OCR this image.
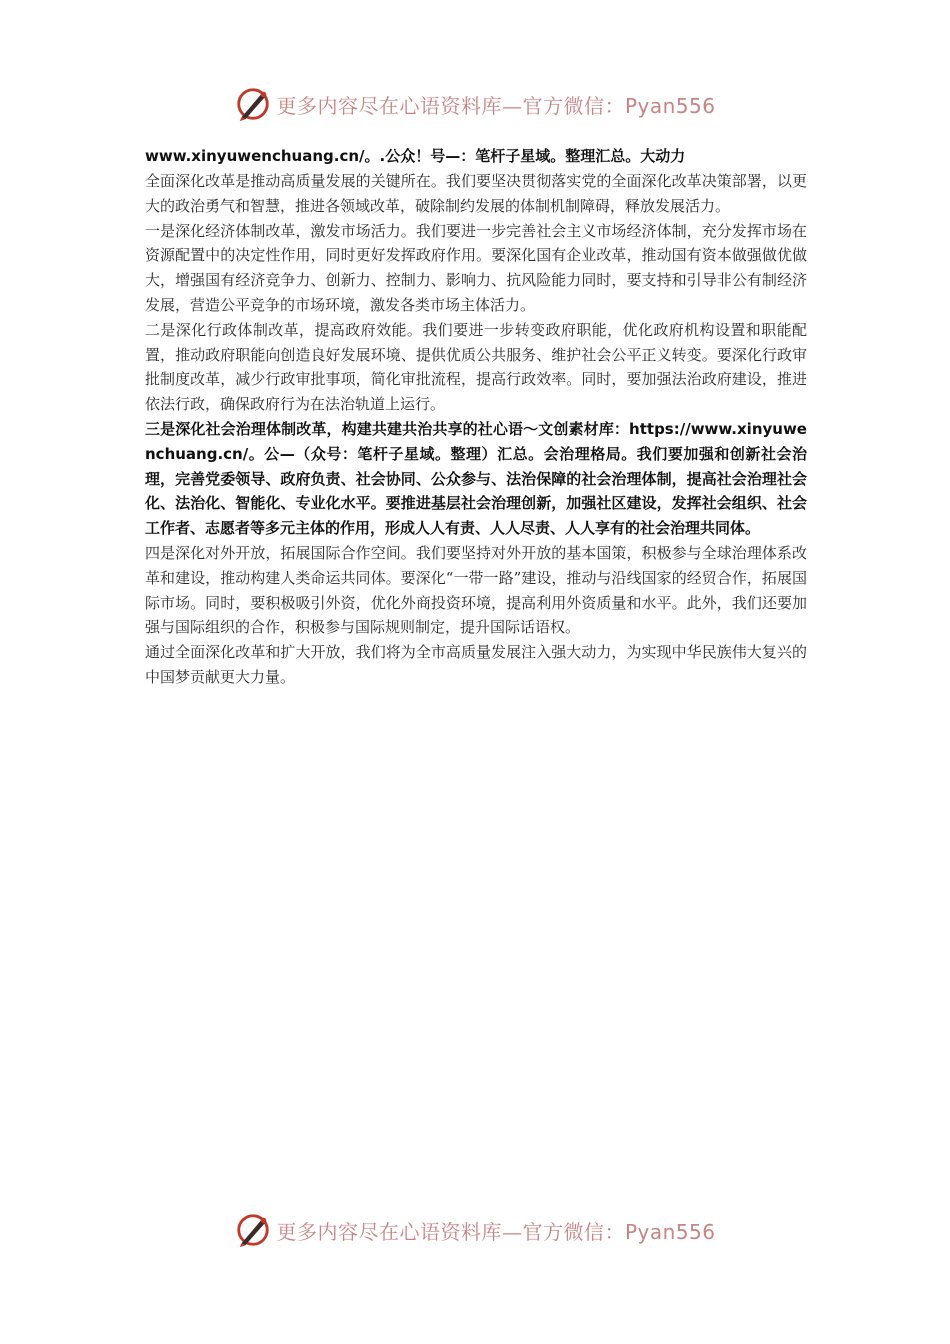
更多内容尽在心语资料库—官方微信：Pyan556

www.xinyuwenchuang.cn/。.公众！号—：笔杆子星域。整理汇总。大动力

全面深化改革是推动高质量发展的关键所在。我们要坚决贯彻落实党的全面深化改革决策部署，以更大的政治勇气和智慧，推进各领域改革，破除制约发展的体制机制障碍，释放发展活力。

一是深化经济体制改革，激发市场活力。我们要进一步完善社会主义市场经济体制，充分发挥市场在资源配置中的决定性作用，同时更好发挥政府作用。要深化国有企业改革，推动国有资本做强做优做大，增强国有经济竞争力、创新力、控制力、影响力、抗风险能力同时，要支持和引导非公有制经济发展，营造公平竞争的市场环境，激发各类市场主体活力。

二是深化行政体制改革，提高政府效能。我们要进一步转变政府职能，优化政府机构设置和职能配置，推动政府职能向创造良好发展环境、提供优质公共服务、维护社会公平正义转变。要深化行政审批制度改革，减少行政审批事项，简化审批流程，提高行政效率。同时，要加强法治政府建设，推进依法行政，确保政府行为在法治轨道上运行。

三是深化社会治理体制改革，构建共建共治共享的社心语～文创素材库：https://www.xinyuwenchuang.cn/。公—（众号：笔杆子星域。整理）汇总。会治理格局。我们要加强和创新社会治理，完善党委领导、政府负责、社会协同、公众参与、法治保障的社会治理体制，提高社会治理社会化、法治化、智能化、专业化水平。要推进基层社会治理创新，加强社区建设，发挥社会组织、社会工作者、志愿者等多元主体的作用，形成人人有责、人人尽责、人人享有的社会治理共同体。

四是深化对外开放，拓展国际合作空间。我们要坚持对外开放的基本国策，积极参与全球治理体系改革和建设，推动构建人类命运共同体。要深化“一带一路”建设，推动与沿线国家的经贸合作，拓展国际市场。同时，要积极吸引外资，优化外商投资环境，提高利用外资质量和水平。此外，我们还要加强与国际组织的合作，积极参与国际规则制定，提升国际话语权。

通过全面深化改革和扩大开放，我们将为全市高质量发展注入强大动力，为实现中华民族伟大复兴的中国梦贡献更大力量。

更多内容尽在心语资料库—官方微信：Pyan556
